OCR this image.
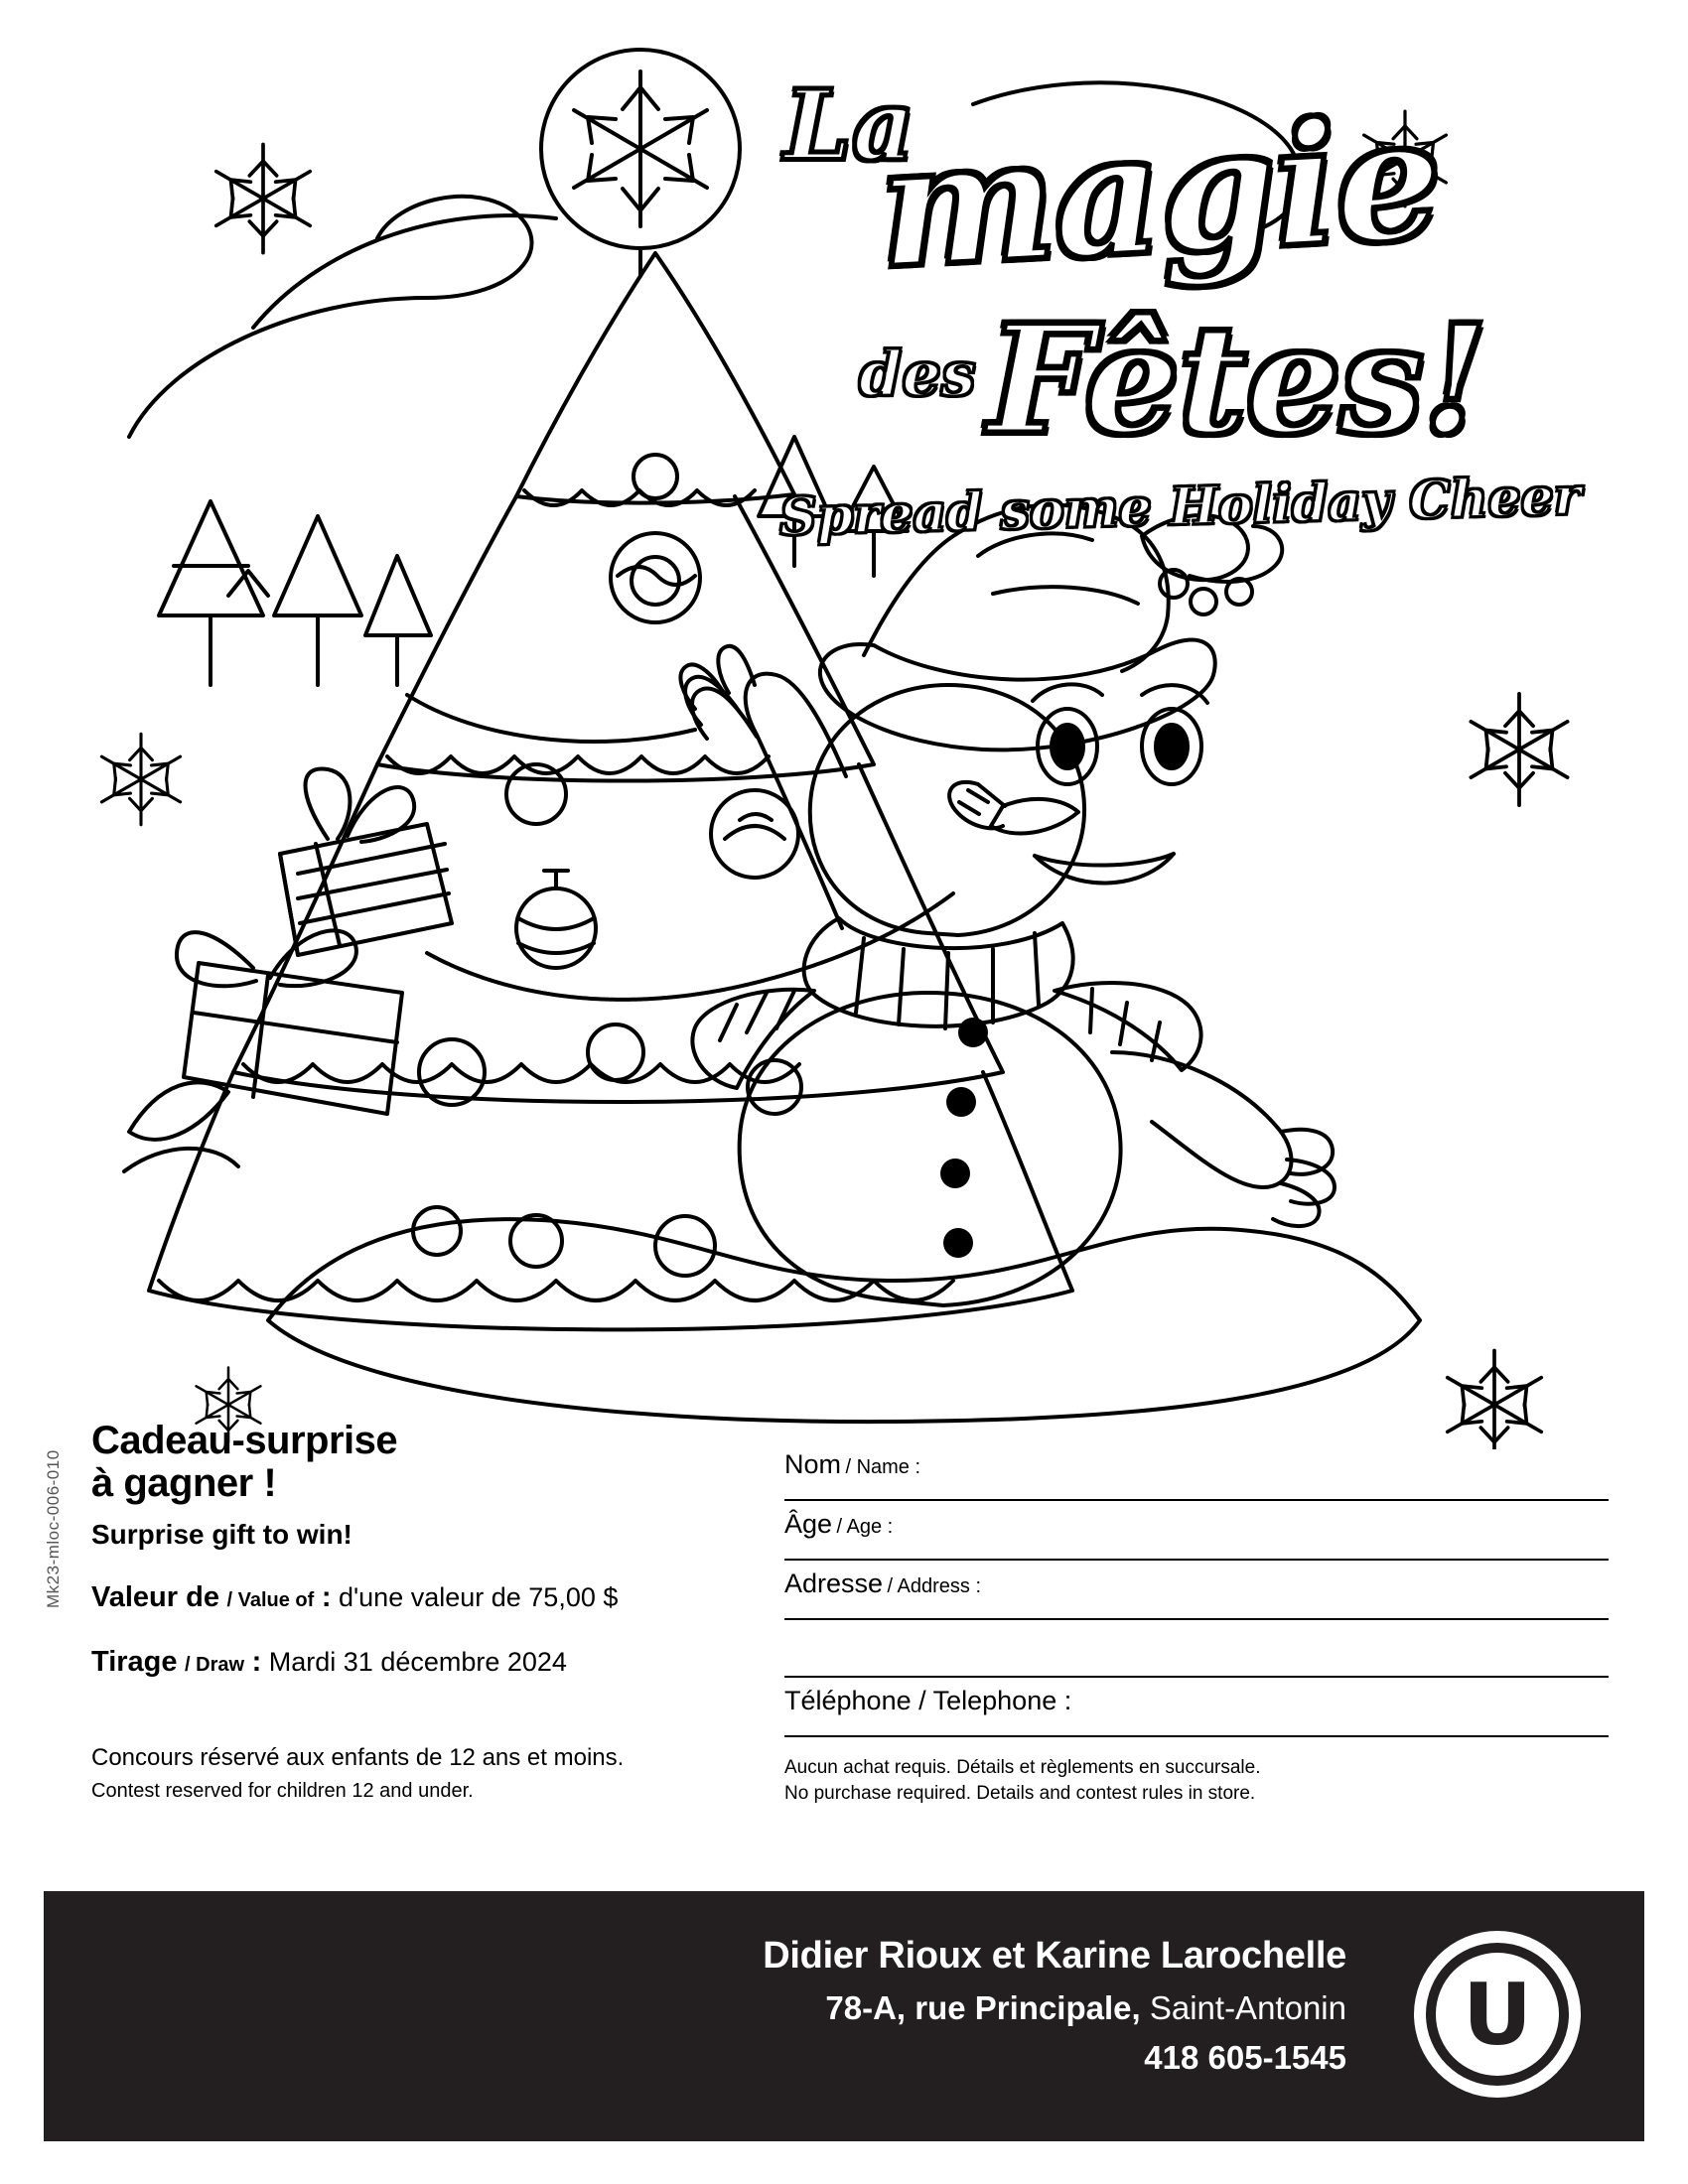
La
magie
des Fêtes!
Spread some Holiday Cheer
Mk23-mloc-006-010
Cadeau-surprise
à gagner !
Surprise gift to win!
Valeur de / Value of : d'une valeur de 75,00 $
Tirage / Draw : Mardi 31 décembre 2024
Concours réservé aux enfants de 12 ans et moins.
Contest reserved for children 12 and under.
Nom / Name :
Âge / Age :
Adresse / Address :
Téléphone / Telephone :
Aucun achat requis. Détails et règlements en succursale.
No purchase required. Details and contest rules in store.
Didier Rioux et Karine Larochelle
78-A, rue Principale, Saint-Antonin
418 605-1545 U
